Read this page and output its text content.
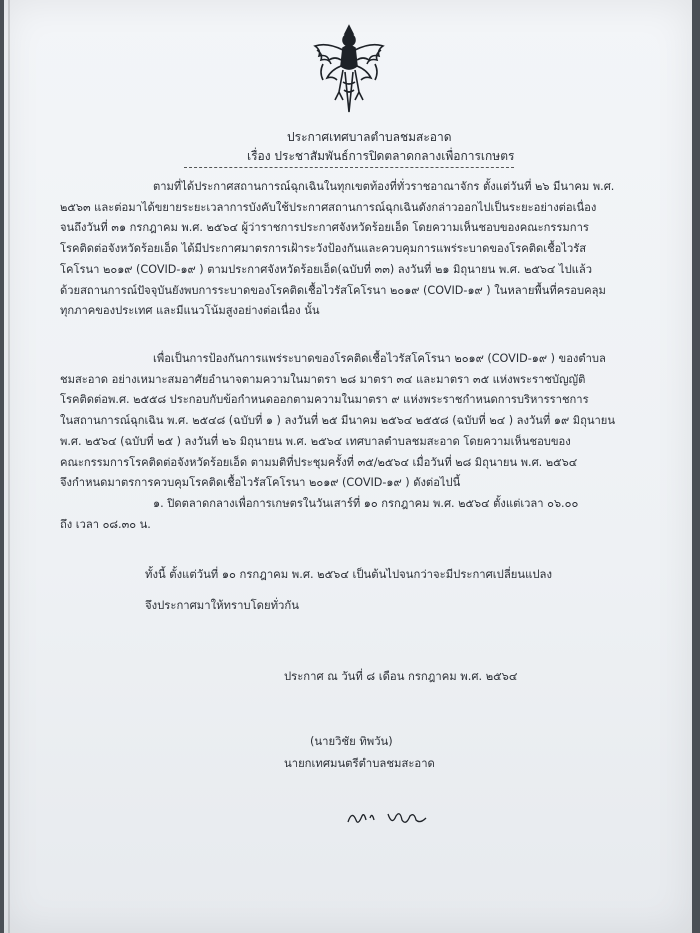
ประกาศเทศบาลตำบลชมสะอาด
เรื่อง ประชาสัมพันธ์การปิดตลาดกลางเพื่อการเกษตร
ตามที่ได้ประกาศสถานการณ์ฉุกเฉินในทุกเขตท้องที่ทั่วราชอาณาจักร ตั้งแต่วันที่ ๒๖ มีนาคม พ.ศ.
๒๕๖๓ และต่อมาได้ขยายระยะเวลาการบังคับใช้ประกาศสถานการณ์ฉุกเฉินดังกล่าวออกไปเป็นระยะอย่างต่อเนื่อง
จนถึงวันที่ ๓๑ กรกฎาคม พ.ศ. ๒๕๖๔ ผู้ว่าราชการประกาศจังหวัดร้อยเอ็ด โดยความเห็นชอบของคณะกรรมการ
โรคติดต่อจังหวัดร้อยเอ็ด ได้มีประกาศมาตรการเฝ้าระวังป้องกันและควบคุมการแพร่ระบาดของโรคติดเชื้อไวรัส
โคโรนา ๒๐๑๙ (COVID-๑๙ ) ตามประกาศจังหวัดร้อยเอ็ด(ฉบับที่ ๓๓) ลงวันที่ ๒๑ มิถุนายน พ.ศ. ๒๕๖๔ ไปแล้ว
ด้วยสถานการณ์ปัจจุบันยังพบการระบาดของโรคติดเชื้อไวรัสโคโรนา ๒๐๑๙ (COVID-๑๙ ) ในหลายพื้นที่ครอบคลุม
ทุกภาคของประเทศ และมีแนวโน้มสูงอย่างต่อเนื่อง นั้น
เพื่อเป็นการป้องกันการแพร่ระบาดของโรคติดเชื้อไวรัสโคโรนา ๒๐๑๙ (COVID-๑๙ ) ของตำบล
ชมสะอาด อย่างเหมาะสมอาศัยอำนาจตามความในมาตรา ๒๘ มาตรา ๓๔ และมาตรา ๓๕ แห่งพระราชบัญญัติ
โรคติดต่อพ.ศ. ๒๕๕๘ ประกอบกับข้อกำหนดออกตามความในมาตรา ๙ แห่งพระราชกำหนดการบริหารราชการ
ในสถานการณ์ฉุกเฉิน พ.ศ. ๒๕๔๘ (ฉบับที่ ๑ ) ลงวันที่ ๒๕ มีนาคม ๒๕๖๔ ๒๕๕๘ (ฉบับที่ ๒๔ ) ลงวันที่ ๑๙ มิถุนายน
พ.ศ. ๒๕๖๔ (ฉบับที่ ๒๕ ) ลงวันที่ ๒๖ มิถุนายน พ.ศ. ๒๕๖๔ เทศบาลตำบลชมสะอาด โดยความเห็นชอบของ
คณะกรรมการโรคติดต่อจังหวัดร้อยเอ็ด ตามมติที่ประชุมครั้งที่ ๓๕/๒๕๖๔ เมื่อวันที่ ๒๘ มิถุนายน พ.ศ. ๒๕๖๔
จึงกำหนดมาตรการควบคุมโรคติดเชื้อไวรัสโคโรนา ๒๐๑๙ (COVID-๑๙ ) ดังต่อไปนี้
๑. ปิดตลาดกลางเพื่อการเกษตรในวันเสาร์ที่ ๑๐ กรกฎาคม พ.ศ. ๒๕๖๔ ตั้งแต่เวลา ๐๖.๐๐
ถึง เวลา ๐๘.๓๐ น.
ทั้งนี้ ตั้งแต่วันที่ ๑๐ กรกฎาคม พ.ศ. ๒๕๖๔ เป็นต้นไปจนกว่าจะมีประกาศเปลี่ยนแปลง
จึงประกาศมาให้ทราบโดยทั่วกัน
ประกาศ ณ วันที่ ๘ เดือน กรกฎาคม พ.ศ. ๒๕๖๔
(นายวิชัย ทิพวัน)
นายกเทศมนตรีตำบลชมสะอาด
